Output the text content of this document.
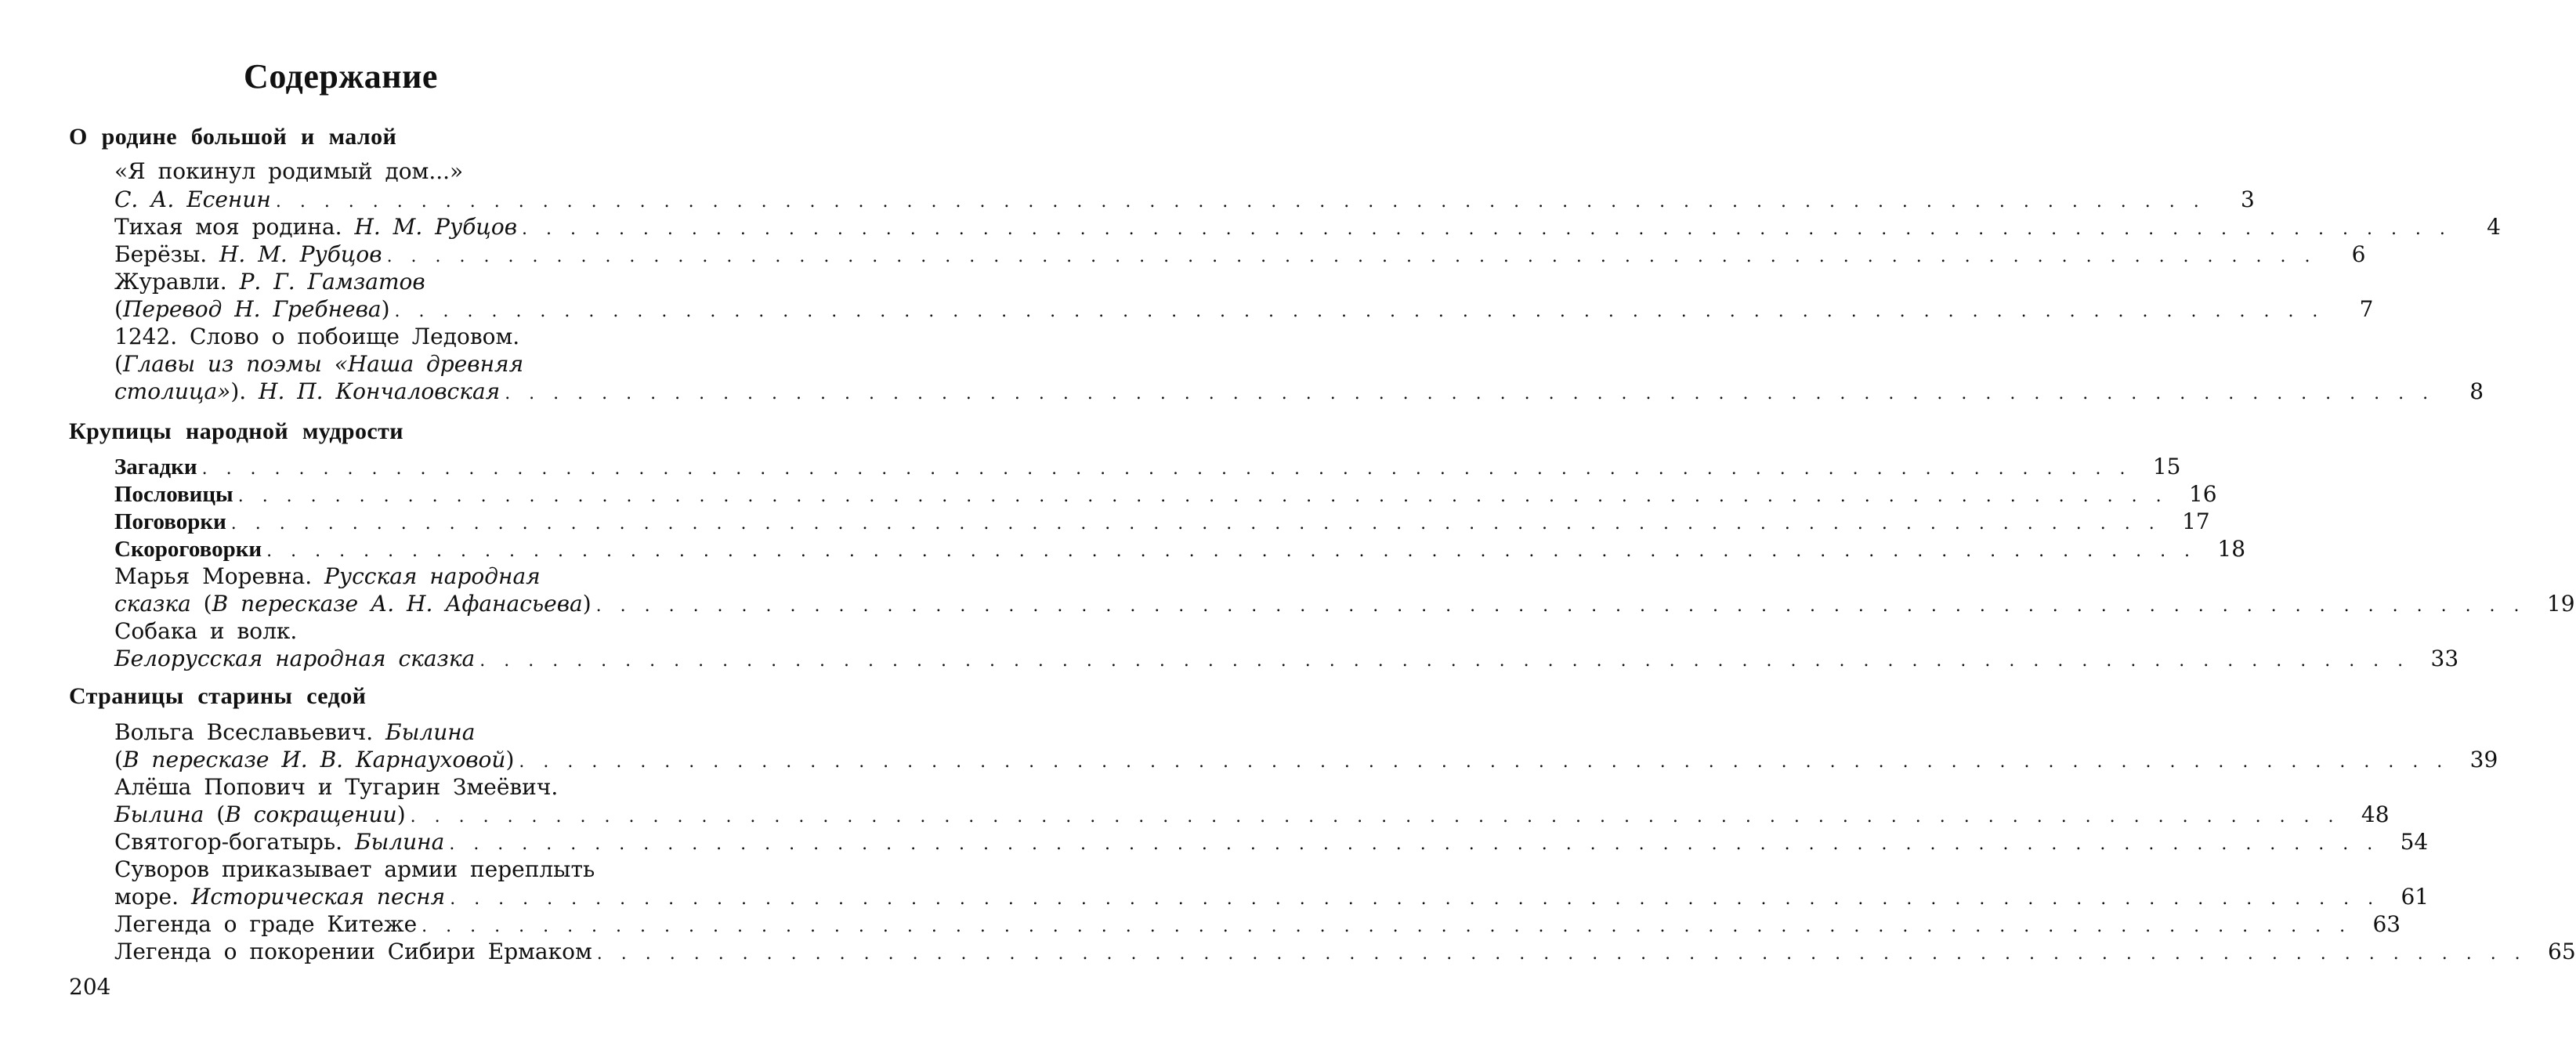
Содержание
О родине большой и малой
«Я покинул родимый дом...»
С. А. Есенин . . . . . . . . . . . . . . . . . . . . . . . . . . . . . . . . . . . . . . . . . . . . . . . . . . . . . . . . . . . . . . . . . . . . . . . . . . . . . . . .	3
Тихая моя родина. Н. М. Рубцов . . . . . . . . . . . . . . . . . . . . . . . . . . . . . . . . . . . . . . . . . . . . . . . . . . . . . . . . . . . . . . . . . . . . . . . . . . . . . . . .	4
Берёзы. Н. М. Рубцов . . . . . . . . . . . . . . . . . . . . . . . . . . . . . . . . . . . . . . . . . . . . . . . . . . . . . . . . . . . . . . . . . . . . . . . . . . . . . . . .	6
Журавли. Р. Г. Гамзатов
(Перевод Н. Гребнева) . . . . . . . . . . . . . . . . . . . . . . . . . . . . . . . . . . . . . . . . . . . . . . . . . . . . . . . . . . . . . . . . . . . . . . . . . . . . . . . .	7
1242. Слово о побоище Ледовом.
(Главы из поэмы «Наша древняя
столица»). Н. П. Кончаловская . . . . . . . . . . . . . . . . . . . . . . . . . . . . . . . . . . . . . . . . . . . . . . . . . . . . . . . . . . . . . . . . . . . . . . . . . . . . . . . .	8
Крупицы народной мудрости
Загадки . . . . . . . . . . . . . . . . . . . . . . . . . . . . . . . . . . . . . . . . . . . . . . . . . . . . . . . . . . . . . . . . . . . . . . . . . . . . . . . .	15
Пословицы . . . . . . . . . . . . . . . . . . . . . . . . . . . . . . . . . . . . . . . . . . . . . . . . . . . . . . . . . . . . . . . . . . . . . . . . . . . . . . . .	16
Поговорки . . . . . . . . . . . . . . . . . . . . . . . . . . . . . . . . . . . . . . . . . . . . . . . . . . . . . . . . . . . . . . . . . . . . . . . . . . . . . . . .	17
Скороговорки . . . . . . . . . . . . . . . . . . . . . . . . . . . . . . . . . . . . . . . . . . . . . . . . . . . . . . . . . . . . . . . . . . . . . . . . . . . . . . . .	18
Марья Моревна. Русская народная
сказка (В пересказе А. Н. Афанасьева) . . . . . . . . . . . . . . . . . . . . . . . . . . . . . . . . . . . . . . . . . . . . . . . . . . . . . . . . . . . . . . . . . . . . . . . . . . . . . . . .	19
Собака и волк.
Белорусская народная сказка . . . . . . . . . . . . . . . . . . . . . . . . . . . . . . . . . . . . . . . . . . . . . . . . . . . . . . . . . . . . . . . . . . . . . . . . . . . . . . . .	33
Страницы старины седой
Вольга Всеславьевич. Былина
(В пересказе И. В. Карнауховой) . . . . . . . . . . . . . . . . . . . . . . . . . . . . . . . . . . . . . . . . . . . . . . . . . . . . . . . . . . . . . . . . . . . . . . . . . . . . . . . .	39
Алёша Попович и Тугарин Змеёвич.
Былина (В сокращении) . . . . . . . . . . . . . . . . . . . . . . . . . . . . . . . . . . . . . . . . . . . . . . . . . . . . . . . . . . . . . . . . . . . . . . . . . . . . . . . .	48
Святогор-богатырь. Былина . . . . . . . . . . . . . . . . . . . . . . . . . . . . . . . . . . . . . . . . . . . . . . . . . . . . . . . . . . . . . . . . . . . . . . . . . . . . . . . .	54
Суворов приказывает армии переплыть
море. Историческая песня . . . . . . . . . . . . . . . . . . . . . . . . . . . . . . . . . . . . . . . . . . . . . . . . . . . . . . . . . . . . . . . . . . . . . . . . . . . . . . . .	61
Легенда о граде Китеже . . . . . . . . . . . . . . . . . . . . . . . . . . . . . . . . . . . . . . . . . . . . . . . . . . . . . . . . . . . . . . . . . . . . . . . . . . . . . . . .	63
Легенда о покорении Сибири Ермаком . . . . . . . . . . . . . . . . . . . . . . . . . . . . . . . . . . . . . . . . . . . . . . . . . . . . . . . . . . . . . . . . . . . . . . . . . . . . . . . .	65
204
